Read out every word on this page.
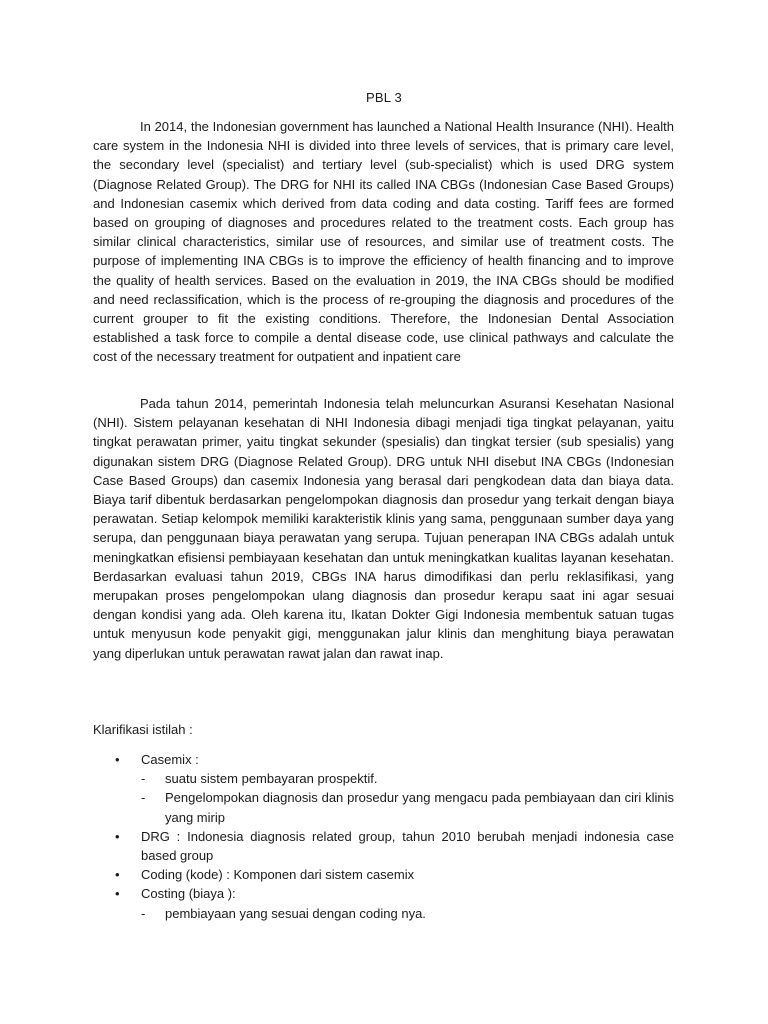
PBL 3

In 2014, the Indonesian government has launched a National Health Insurance (NHI). Health care system in the Indonesia NHI is divided into three levels of services, that is primary care level, the secondary level (specialist) and tertiary level (sub-specialist) which is used DRG system (Diagnose Related Group). The DRG for NHI its called INA CBGs (Indonesian Case Based Groups) and Indonesian casemix which derived from data coding and data costing. Tariff fees are formed based on grouping of diagnoses and procedures related to the treatment costs. Each group has similar clinical characteristics, similar use of resources, and similar use of treatment costs. The purpose of implementing INA CBGs is to improve the efficiency of health financing and to improve the quality of health services. Based on the evaluation in 2019, the INA CBGs should be modified and need reclassification, which is the process of re-grouping the diagnosis and procedures of the current grouper to fit the existing conditions. Therefore, the Indonesian Dental Association established a task force to compile a dental disease code, use clinical pathways and calculate the cost of the necessary treatment for outpatient and inpatient care

Pada tahun 2014, pemerintah Indonesia telah meluncurkan Asuransi Kesehatan Nasional (NHI). Sistem pelayanan kesehatan di NHI Indonesia dibagi menjadi tiga tingkat pelayanan, yaitu tingkat perawatan primer, yaitu tingkat sekunder (spesialis) dan tingkat tersier (sub spesialis) yang digunakan sistem DRG (Diagnose Related Group). DRG untuk NHI disebut INA CBGs (Indonesian Case Based Groups) dan casemix Indonesia yang berasal dari pengkodean data dan biaya data. Biaya tarif dibentuk berdasarkan pengelompokan diagnosis dan prosedur yang terkait dengan biaya perawatan. Setiap kelompok memiliki karakteristik klinis yang sama, penggunaan sumber daya yang serupa, dan penggunaan biaya perawatan yang serupa. Tujuan penerapan INA CBGs adalah untuk meningkatkan efisiensi pembiayaan kesehatan dan untuk meningkatkan kualitas layanan kesehatan. Berdasarkan evaluasi tahun 2019, CBGs INA harus dimodifikasi dan perlu reklasifikasi, yang merupakan proses pengelompokan ulang diagnosis dan prosedur kerapu saat ini agar sesuai dengan kondisi yang ada. Oleh karena itu, Ikatan Dokter Gigi Indonesia membentuk satuan tugas untuk menyusun kode penyakit gigi, menggunakan jalur klinis dan menghitung biaya perawatan yang diperlukan untuk perawatan rawat jalan dan rawat inap.

Klarifikasi istilah :
• Casemix :
- suatu sistem pembayaran prospektif.
- Pengelompokan diagnosis dan prosedur yang mengacu pada pembiayaan dan ciri klinis yang mirip
• DRG : Indonesia diagnosis related group, tahun 2010 berubah menjadi indonesia case based group
• Coding (kode) : Komponen dari sistem casemix
• Costing (biaya ):
- pembiayaan yang sesuai dengan coding nya.
